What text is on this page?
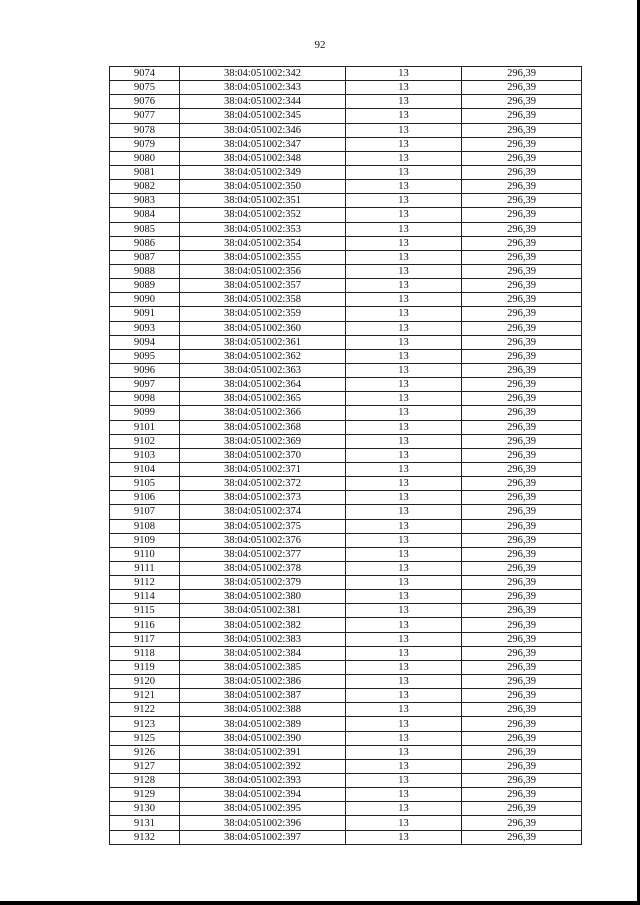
92
9074	38:04:051002:342	13	296,39
9075	38:04:051002:343	13	296,39
9076	38:04:051002:344	13	296,39
9077	38:04:051002:345	13	296,39
9078	38:04:051002:346	13	296,39
9079	38:04:051002:347	13	296,39
9080	38:04:051002:348	13	296,39
9081	38:04:051002:349	13	296,39
9082	38:04:051002:350	13	296,39
9083	38:04:051002:351	13	296,39
9084	38:04:051002:352	13	296,39
9085	38:04:051002:353	13	296,39
9086	38:04:051002:354	13	296,39
9087	38:04:051002:355	13	296,39
9088	38:04:051002:356	13	296,39
9089	38:04:051002:357	13	296,39
9090	38:04:051002:358	13	296,39
9091	38:04:051002:359	13	296,39
9093	38:04:051002:360	13	296,39
9094	38:04:051002:361	13	296,39
9095	38:04:051002:362	13	296,39
9096	38:04:051002:363	13	296,39
9097	38:04:051002:364	13	296,39
9098	38:04:051002:365	13	296,39
9099	38:04:051002:366	13	296,39
9101	38:04:051002:368	13	296,39
9102	38:04:051002:369	13	296,39
9103	38:04:051002:370	13	296,39
9104	38:04:051002:371	13	296,39
9105	38:04:051002:372	13	296,39
9106	38:04:051002:373	13	296,39
9107	38:04:051002:374	13	296,39
9108	38:04:051002:375	13	296,39
9109	38:04:051002:376	13	296,39
9110	38:04:051002:377	13	296,39
9111	38:04:051002:378	13	296,39
9112	38:04:051002:379	13	296,39
9114	38:04:051002:380	13	296,39
9115	38:04:051002:381	13	296,39
9116	38:04:051002:382	13	296,39
9117	38:04:051002:383	13	296,39
9118	38:04:051002:384	13	296,39
9119	38:04:051002:385	13	296,39
9120	38:04:051002:386	13	296,39
9121	38:04:051002:387	13	296,39
9122	38:04:051002:388	13	296,39
9123	38:04:051002:389	13	296,39
9125	38:04:051002:390	13	296,39
9126	38:04:051002:391	13	296,39
9127	38:04:051002:392	13	296,39
9128	38:04:051002:393	13	296,39
9129	38:04:051002:394	13	296,39
9130	38:04:051002:395	13	296,39
9131	38:04:051002:396	13	296,39
9132	38:04:051002:397	13	296,39
